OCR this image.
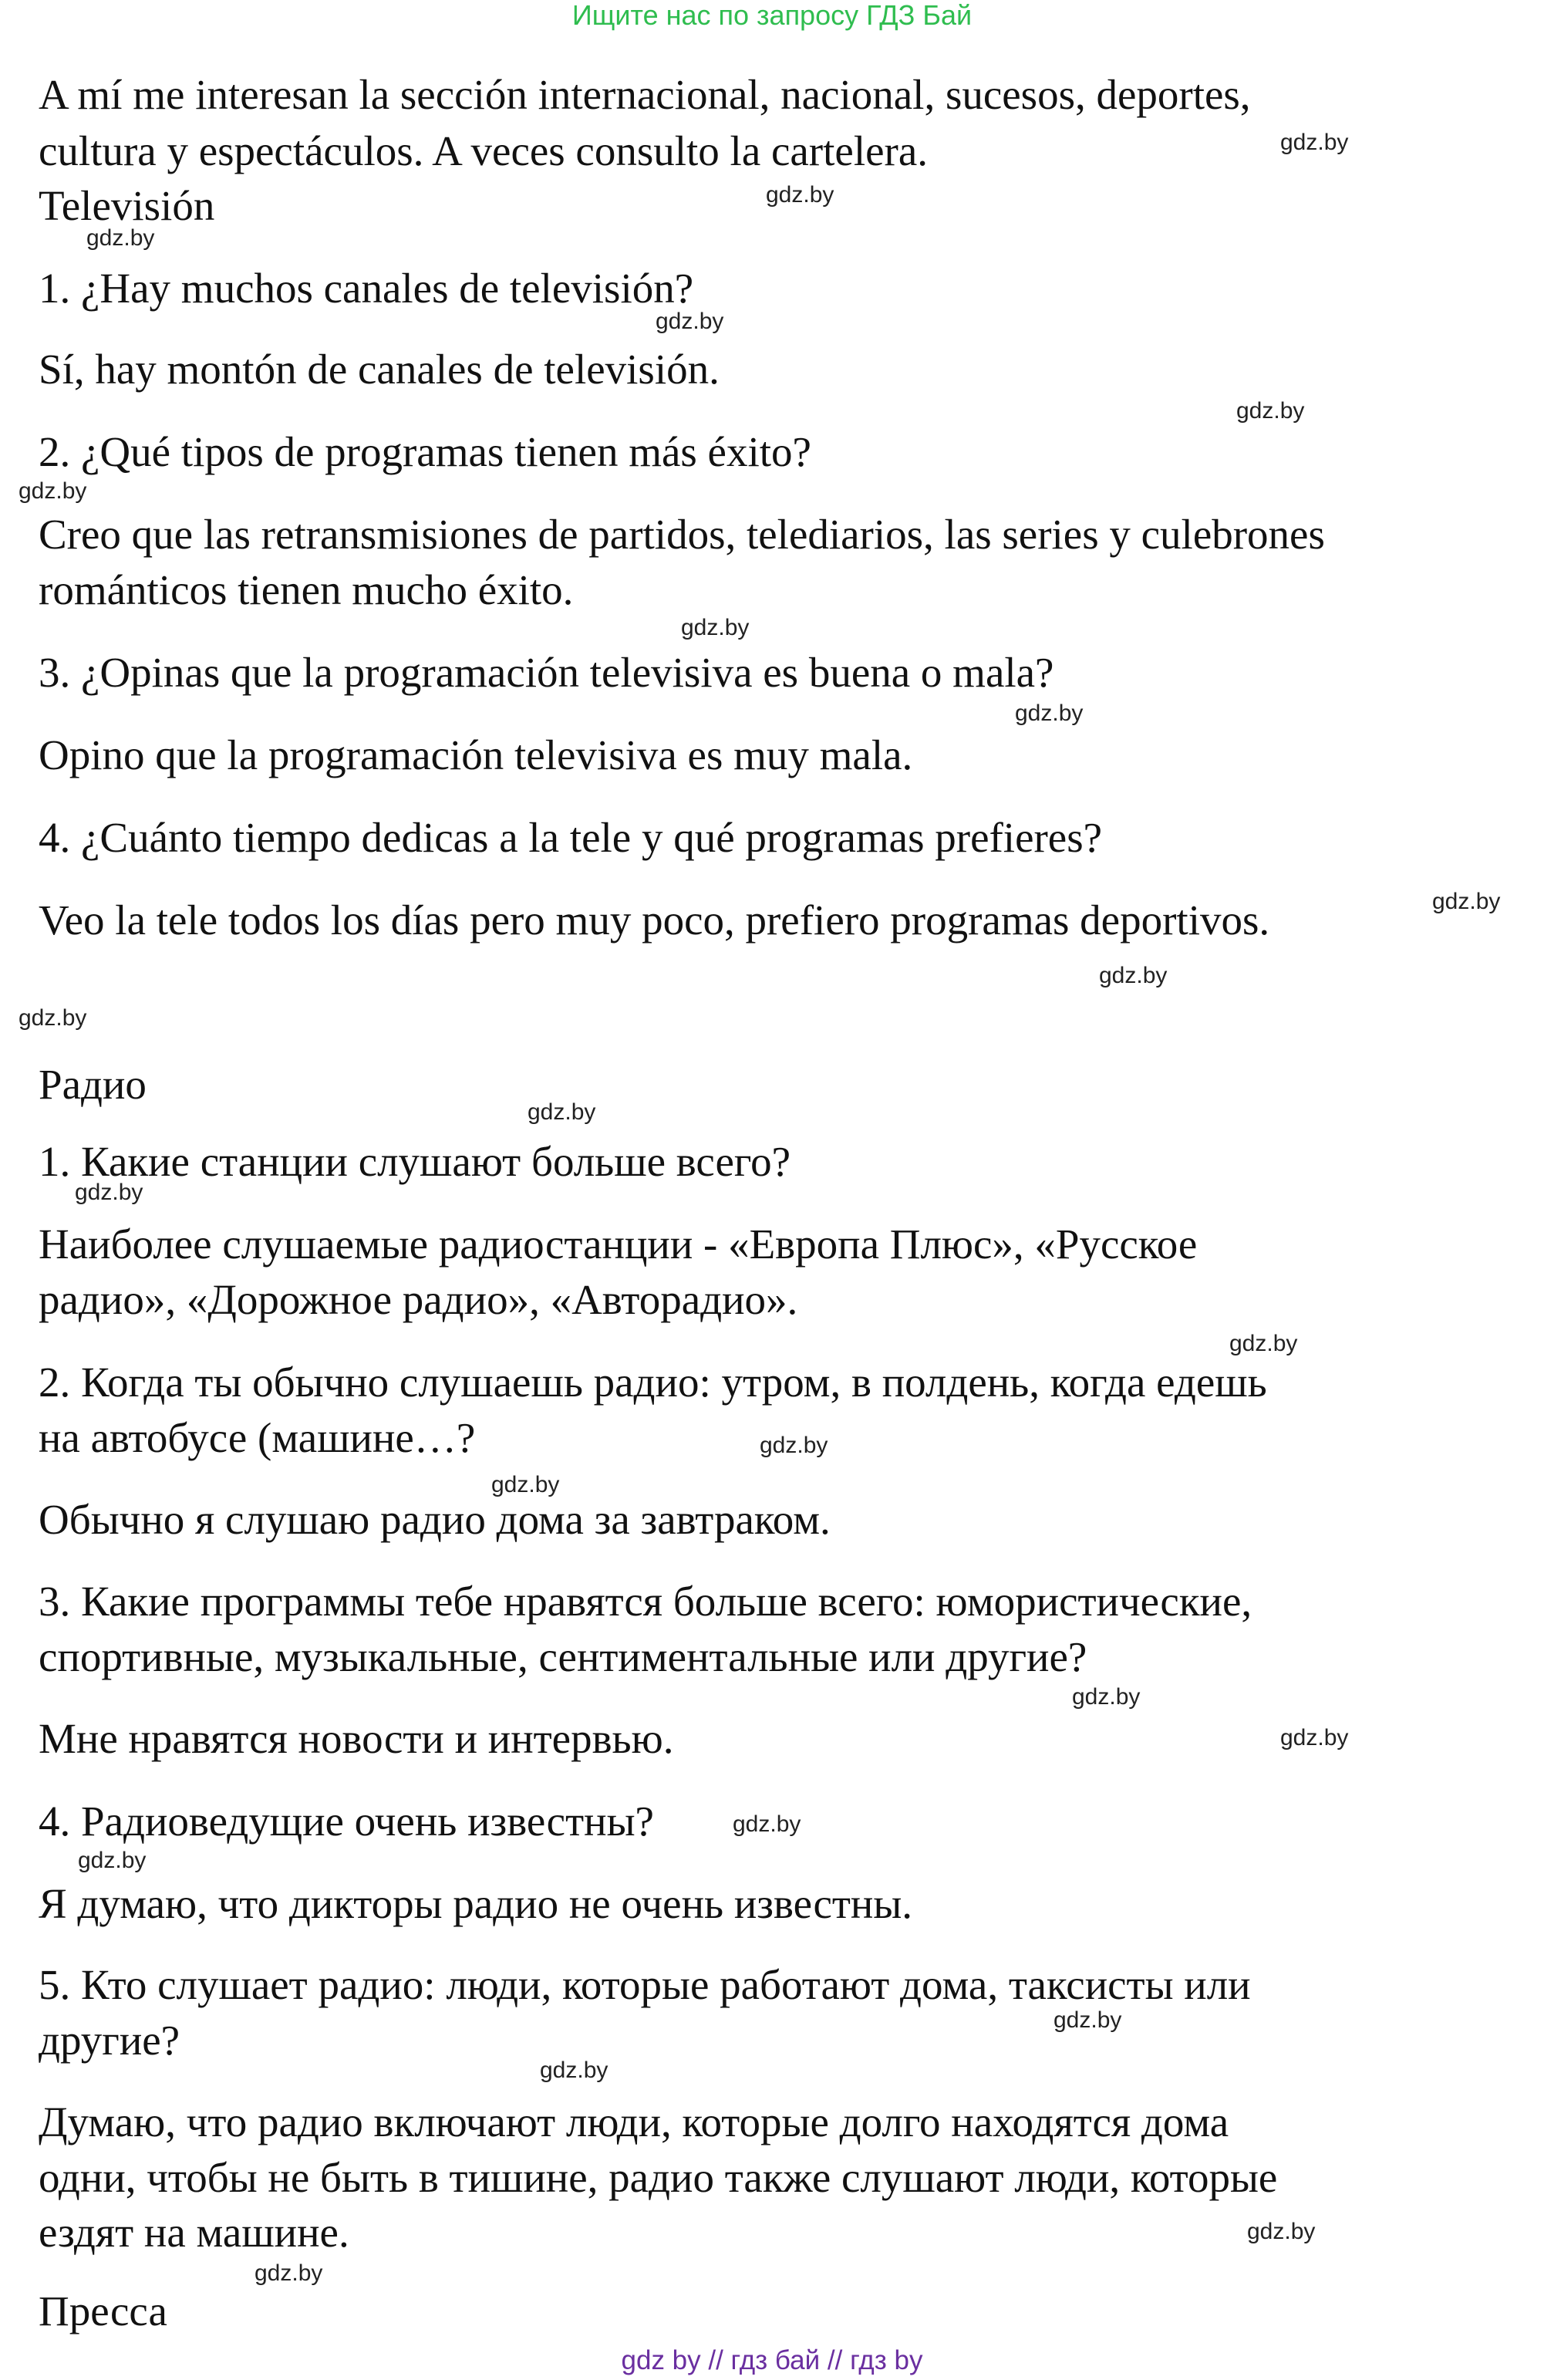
Ищите нас по запросу ГДЗ Бай
A mí me interesan la sección internacional, nacional, sucesos, deportes,
cultura y espectáculos. A veces consulto la cartelera.
Televisión
1. ¿Hay muchos canales de televisión?
Sí, hay montón de canales de televisión.
2. ¿Qué tipos de programas tienen más éxito?
Creo que las retransmisiones de partidos, telediarios, las series y culebrones
románticos tienen mucho éxito.
3. ¿Opinas que la programación televisiva es buena o mala?
Opino que la programación televisiva es muy mala.
4. ¿Cuánto tiempo dedicas a la tele y qué programas prefieres?
Veo la tele todos los días pero muy poco, prefiero programas deportivos.
Радио
1. Какие станции слушают больше всего?
Наиболее слушаемые радиостанции - «Европа Плюс», «Русское
радио», «Дорожное радио», «Авторадио».
2. Когда ты обычно слушаешь радио: утром, в полдень, когда едешь
на автобусе (машине…?
Обычно я слушаю радио дома за завтраком.
3. Какие программы тебе нравятся больше всего: юмористические,
спортивные, музыкальные, сентиментальные или другие?
Мне нравятся новости и интервью.
4. Радиоведущие очень известны?
Я думаю, что дикторы радио не очень известны.
5. Кто слушает радио: люди, которые работают дома, таксисты или
другие?
Думаю, что радио включают люди, которые долго находятся дома
одни, чтобы не быть в тишине, радио также слушают люди, которые
ездят на машине.
Пресса
gdz.by
gdz.by
gdz.by
gdz.by
gdz.by
gdz.by
gdz.by
gdz.by
gdz.by
gdz.by
gdz.by
gdz.by
gdz.by
gdz.by
gdz.by
gdz.by
gdz.by
gdz.by
gdz.by
gdz.by
gdz.by
gdz.by
gdz.by
gdz.by
gdz by // гдз бай // гдз by
